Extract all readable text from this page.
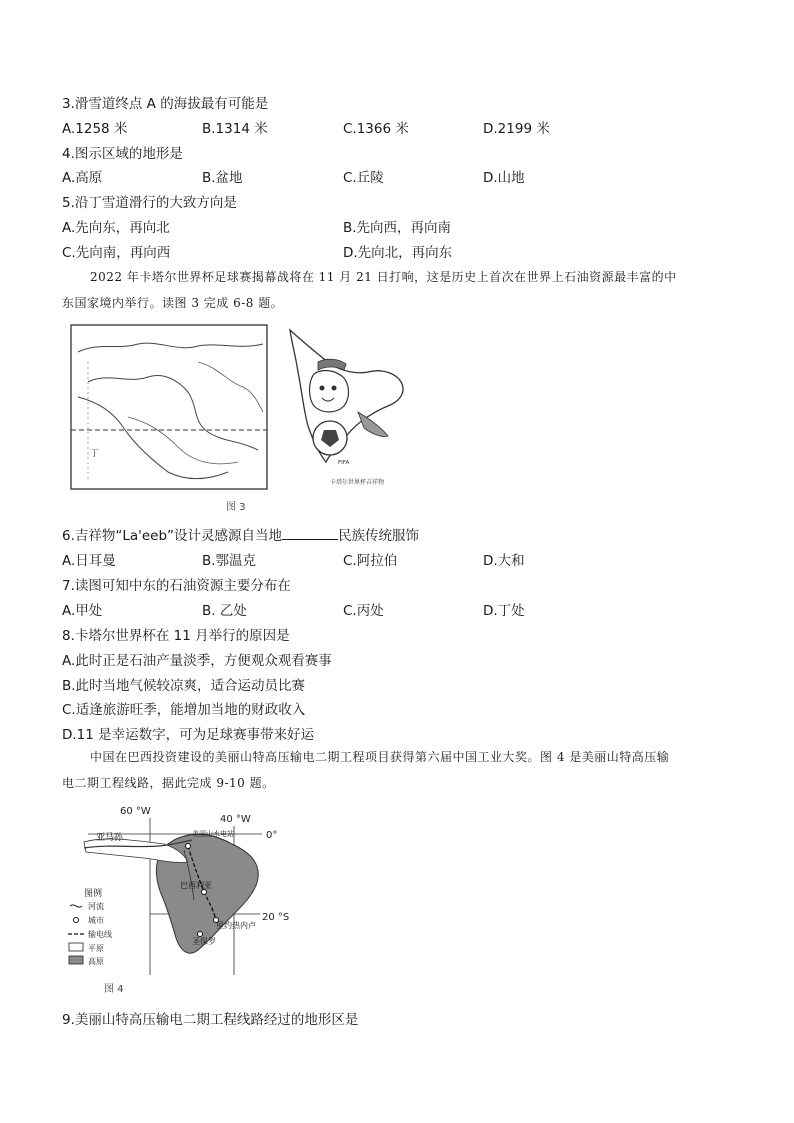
3.滑雪道终点 A 的海拔最有可能是
A.1258 米	B.1314 米	C.1366 米	D.2199 米
4.图示区域的地形是
A.高原	B.盆地	C.丘陵	D.山地
5.沿丁雪道滑行的大致方向是
A.先向东，再向北	B.先向西，再向南
C.先向南，再向西	D.先向北，再向东
2022 年卡塔尔世界杯足球赛揭幕战将在 11 月 21 日打响，这是历史上首次在世界上石油资源最丰富的中
东国家境内举行。读图 3 完成 6-8 题。
丁
FIFA
卡塔尔世界杯吉祥物
图 3
6.吉祥物“La'eeb”设计灵感源自当地	民族传统服饰
A.日耳曼	B.鄂温克	C.阿拉伯	D.大和
7.读图可知中东的石油资源主要分布在
A.甲处	B. 乙处	C.丙处	D.丁处
8.卡塔尔世界杯在 11 月举行的原因是
A.此时正是石油产量淡季，方便观众观看赛事
B.此时当地气候较凉爽，适合运动员比赛
C.适逢旅游旺季，能增加当地的财政收入
D.11 是幸运数字，可为足球赛事带来好运
中国在巴西投资建设的美丽山特高压输电二期工程项目获得第六届中国工业大奖。图 4 是美丽山特高压输
电二期工程线路，据此完成 9-10 题。
60 °W
40 °W
0°
20 °S
亚马孙	美丽山水电站
巴西利亚
里约热内卢
圣保罗
图例
河流
城市
输电线
平原
高原
图 4
9.美丽山特高压输电二期工程线路经过的地形区是
